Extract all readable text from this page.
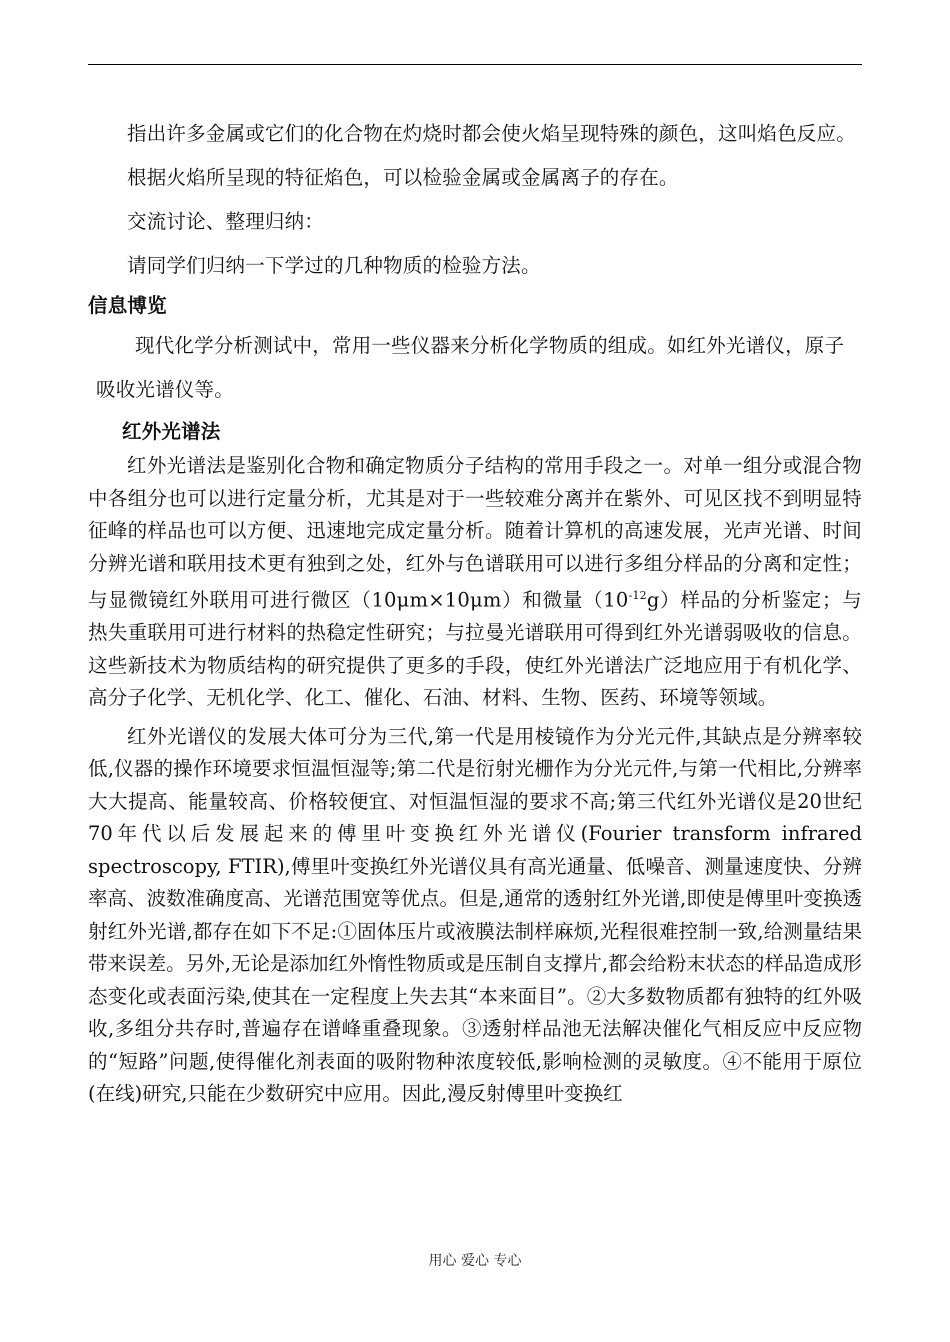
指出许多金属或它们的化合物在灼烧时都会使火焰呈现特殊的颜色，这叫焰色反应。

根据火焰所呈现的特征焰色，可以检验金属或金属离子的存在。

交流讨论、整理归纳：

请同学们归纳一下学过的几种物质的检验方法。

信息博览

现代化学分析测试中，常用一些仪器来分析化学物质的组成。如红外光谱仪，原子吸收光谱仪等。

红外光谱法

红外光谱法是鉴别化合物和确定物质分子结构的常用手段之一。对单一组分或混合物中各组分也可以进行定量分析，尤其是对于一些较难分离并在紫外、可见区找不到明显特征峰的样品也可以方便、迅速地完成定量分析。随着计算机的高速发展，光声光谱、时间分辨光谱和联用技术更有独到之处，红外与色谱联用可以进行多组分样品的分离和定性；与显微镜红外联用可进行微区（10μm×10μm）和微量$(10^{-12}g)$样品的分析鉴定；与热失重联用可进行材料的热稳定性研究；与拉曼光谱联用可得到红外光谱弱吸收的信息。这些新技术为物质结构的研究提供了更多的手段，使红外光谱法广泛地应用于有机化学、高分子化学、无机化学、化工、催化、石油、材料、生物、医药、环境等领域。

红外光谱仪的发展大体可分为三代,第一代是用棱镜作为分光元件,其缺点是分辨率较低,仪器的操作环境要求恒温恒湿等;第二代是衍射光栅作为分光元件,与第一代相比,分辨率大大提高、能量较高、价格较便宜、对恒温恒湿的要求不高;第三代红外光谱仪是20世纪70年代以后发展起来的傅里叶变换红外光谱仪(Fourier transform infrared spectroscopy, FTIR),傅里叶变换红外光谱仪具有高光通量、低噪音、测量速度快、分辨率高、波数准确度高、光谱范围宽等优点。但是,通常的透射红外光谱,即使是傅里叶变换透射红外光谱,都存在如下不足:①固体压片或液膜法制样麻烦,光程很难控制一致,给测量结果带来误差。另外,无论是添加红外惰性物质或是压制自支撑片,都会给粉末状态的样品造成形态变化或表面污染,使其在一定程度上失去其“本来面目”。②大多数物质都有独特的红外吸收,多组分共存时,普遍存在谱峰重叠现象。③透射样品池无法解决催化气相反应中反应物的“短路”问题,使得催化剂表面的吸附物种浓度较低,影响检测的灵敏度。④不能用于原位(在线)研究,只能在少数研究中应用。因此,漫反射傅里叶变换红

用心 爱心 专心
